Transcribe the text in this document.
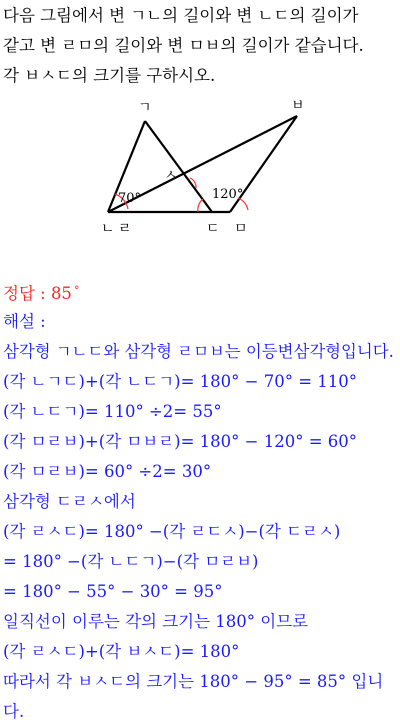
다음 그림에서 변 ㄱㄴ의 길이와 변 ㄴㄷ의 길이가
같고 변 ㄹㅁ의 길이와 변 ㅁㅂ의 길이가 같습니다.
각 ㅂㅅㄷ의 크기를 구하시오.
ㄱ	ㅂ
ㅅ
ㄴ ㄹ	ㄷ ㅁ
70°	120°
정답 : 85 °
해설 :
삼각형 ㄱㄴㄷ와 삼각형 ㄹㅁㅂ는 이등변삼각형입니다.
(각 ㄴㄱㄷ)+(각 ㄴㄷㄱ)= 180° − 70° = 110°
(각 ㄴㄷㄱ)= 110° ÷2= 55°
(각 ㅁㄹㅂ)+(각 ㅁㅂㄹ)= 180° − 120° = 60°
(각 ㅁㄹㅂ)= 60° ÷2= 30°
삼각형 ㄷㄹㅅ에서
(각 ㄹㅅㄷ)= 180° −(각 ㄹㄷㅅ)−(각 ㄷㄹㅅ)
= 180° −(각 ㄴㄷㄱ)−(각 ㅁㄹㅂ)
= 180° − 55° − 30° = 95°
일직선이 이루는 각의 크기는 180° 이므로
(각 ㄹㅅㄷ)+(각 ㅂㅅㄷ)= 180°
따라서 각 ㅂㅅㄷ의 크기는 180° − 95° = 85° 입니
다.
